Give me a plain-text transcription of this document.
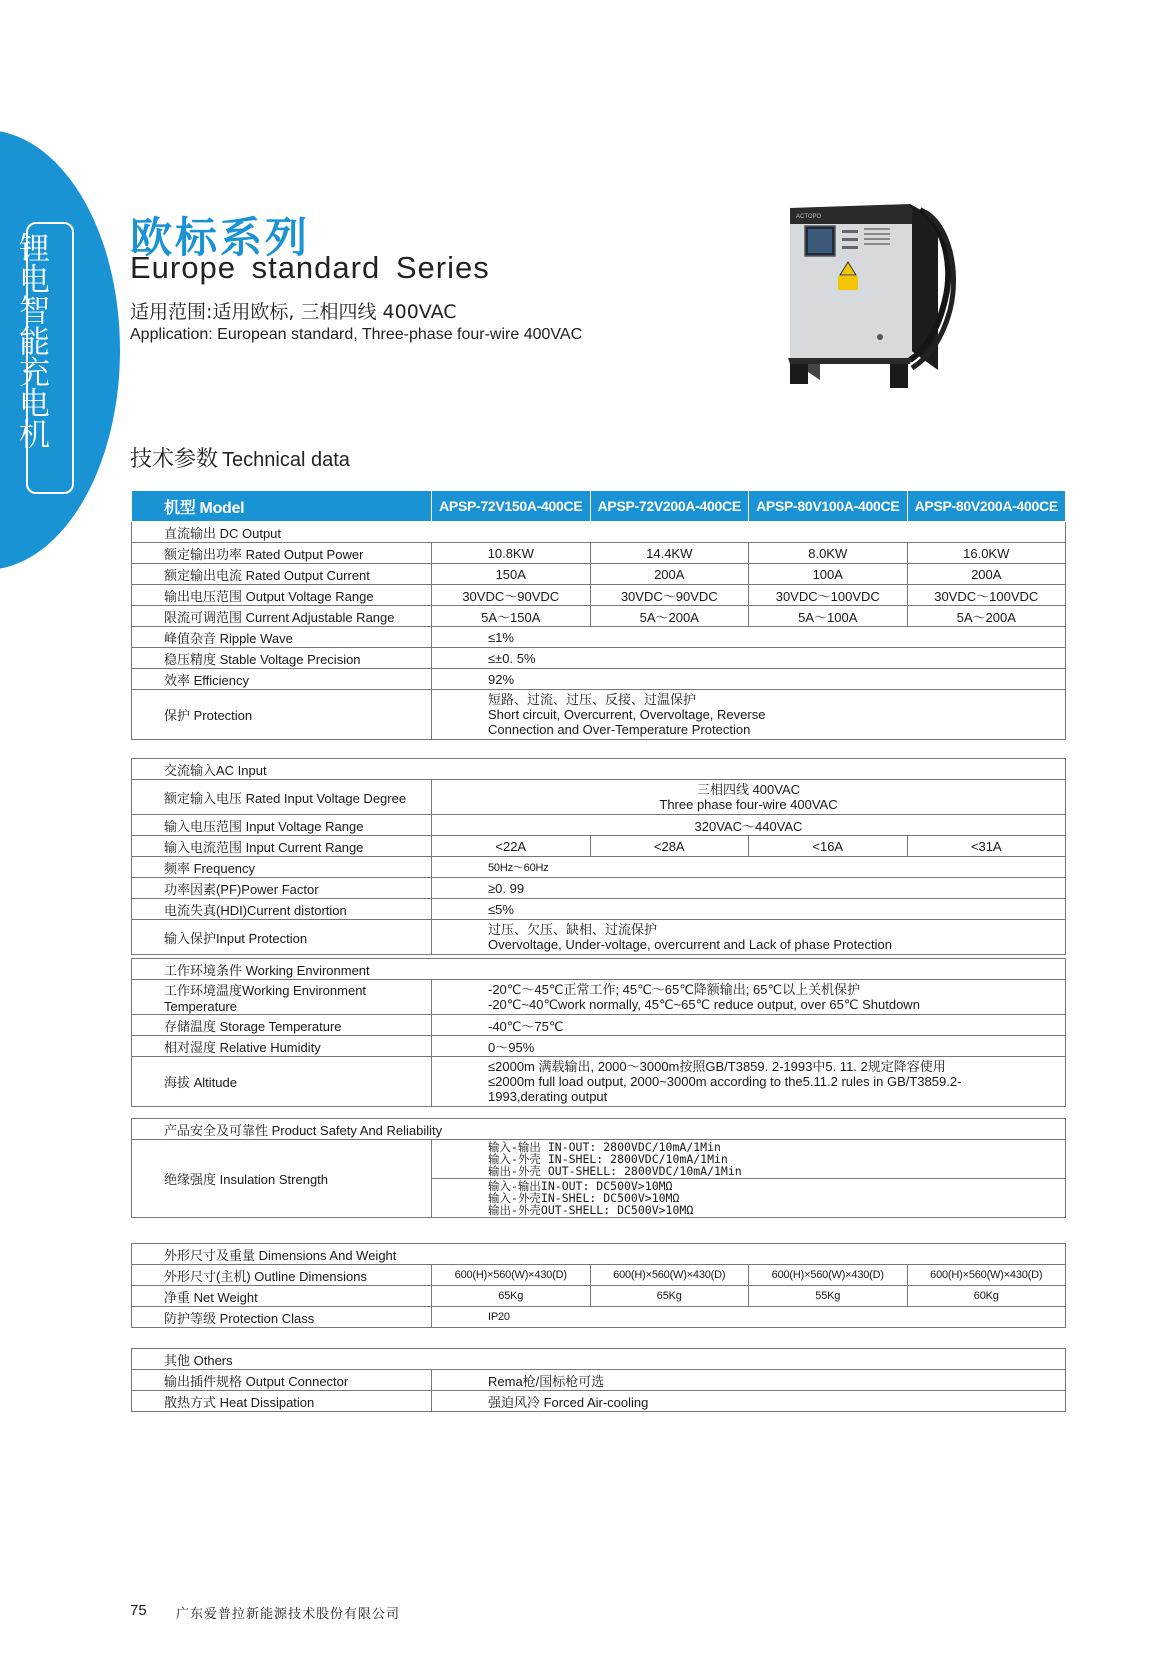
锂电智能充电机 欧标系列
Europe standard Series
适用范围:适用欧标, 三相四线 400VAC
Application: European standard, Three-phase four-wire 400VAC
ACTOPO
技术参数 Technical data
机型 Model	APSP-72V150A-400CE	APSP-72V200A-400CE	APSP-80V100A-400CE	APSP-80V200A-400CE
直流输出 DC Output				
额定输出功率 Rated Output Power	10.8KW	14.4KW	8.0KW	16.0KW
额定输出电流 Rated Output Current	150A	200A	100A	200A
输出电压范围 Output Voltage Range	30VDC～90VDC	30VDC～90VDC	30VDC～100VDC	30VDC～100VDC
限流可调范围 Current Adjustable Range	5A～150A	5A～200A	5A～100A	5A～200A
峰值杂音 Ripple Wave	≤1%			
稳压精度 Stable Voltage Precision	≤±0. 5%			
效率 Efficiency	92%			
保护 Protection	短路、过流、过压、反接、过温保护
Short circuit, Overcurrent, Overvoltage, Reverse
Connection and Over-Temperature Protection			
交流输入AC Input				
额定输入电压 Rated Input Voltage Degree	三相四线 400VAC
Three phase four-wire 400VAC			

输入电压范围 Input Voltage Range	320VAC～440VAC			
输入电流范围 Input Current Range	<22A	<28A	<16A	<31A
频率 Frequency	50Hz～60Hz			
功率因素(PF)Power Factor	≥0. 99			
电流失真(HDI)Current distortion	≤5%			
输入保护Input Protection	过压、欠压、缺相、过流保护
Overvoltage, Under-voltage, overcurrent and Lack of phase Protection			
工作环境条件 Working Environment	
工作环境温度Working Environment Temperature	-20℃～45℃正常工作; 45℃～65℃降额输出; 65℃以上关机保护
-20℃~40℃work normally, 45℃~65℃ reduce output, over 65℃ Shutdown

存储温度 Storage Temperature	-40℃～75℃
相对湿度 Relative Humidity	0～95%
海拔 Altitude	≤2000m 满载输出, 2000～3000m按照GB/T3859. 2-1993中5. 11. 2规定降容使用
≤2000m full load output, 2000~3000m according to the5.11.2 rules in GB/T3859.2-
1993,derating output
产品安全及可靠性 Product Safety And Reliability
绝缘强度 Insulation Strength	
输入-输出 IN-OUT: 2800VDC/10mA/1Min
输入-外壳 IN-SHEL: 2800VDC/10mA/1Min
输出-外壳 OUT-SHELL: 2800VDC/10mA/1Min

输入-输出IN-OUT: DC500V>10MΩ
输入-外壳IN-SHEL: DC500V>10MΩ
输出-外壳OUT-SHELL: DC500V>10MΩ
外形尺寸及重量 Dimensions And Weight				
外形尺寸(主机) Outline Dimensions	600(H)×560(W)×430(D)	600(H)×560(W)×430(D)	600(H)×560(W)×430(D)	600(H)×560(W)×430(D)
净重 Net Weight	65Kg	65Kg	55Kg	60Kg
防护等级 Protection Class	IP20			
其他 Others	
输出插件规格 Output Connector	Rema枪/国标枪可选
散热方式 Heat Dissipation	强迫风冷 Forced Air-cooling
75 广东爱普拉新能源技术股份有限公司
